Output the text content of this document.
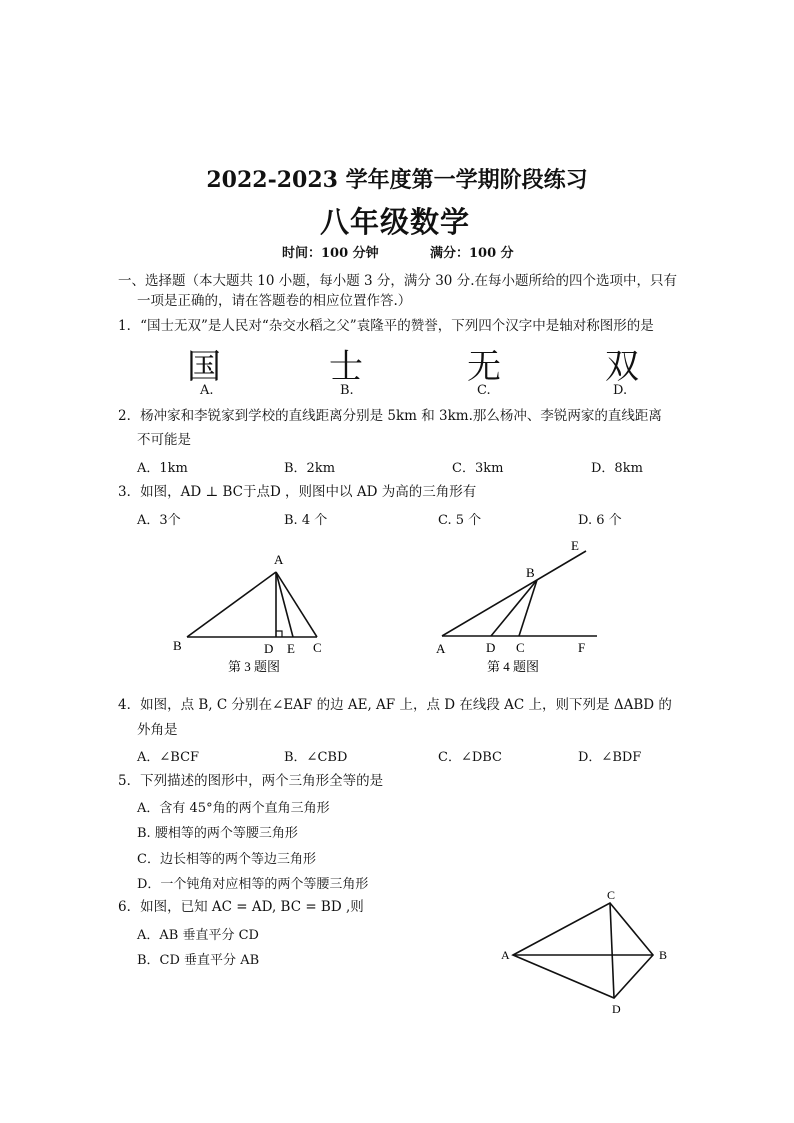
2022-2023 学年度第一学期阶段练习
八年级数学
时间：100 分钟	满分：100 分
一、选择题（本大题共 10 小题，每小题 3 分，满分 30 分.在每小题所给的四个选项中，只有
一项是正确的，请在答题卷的相应位置作答.）
1．“国士无双”是人民对“杂交水稻之父”袁隆平的赞誉，下列四个汉字中是轴对称图形的是
国	士	无	双
A.	B.	C.	D.
2．杨冲家和李锐家到学校的直线距离分别是 5km 和 3km.那么杨冲、李锐两家的直线距离
不可能是
A．1km	B．2km	C．3km	D．8km
3．如图，AD ⊥ BC于点D ，则图中以 AD 为高的三角形有
A．3个	B. 4 个	C. 5 个	D. 6 个
A
B	D E C
第 3 题图
E
B
A	D C	F
第 4 题图
A
C
B
D
4．如图，点 B, C 分别在∠EAF 的边 AE, AF 上，点 D 在线段 AC 上，则下列是 ΔABD 的
外角是
A．∠BCF	B．∠CBD	C．∠DBC	D．∠BDF
5．下列描述的图形中，两个三角形全等的是
A．含有 45°角的两个直角三角形
B. 腰相等的两个等腰三角形
C．边长相等的两个等边三角形
D．一个钝角对应相等的两个等腰三角形
6．如图，已知 AC = AD, BC = BD ,则
A．AB 垂直平分 CD
B．CD 垂直平分 AB
